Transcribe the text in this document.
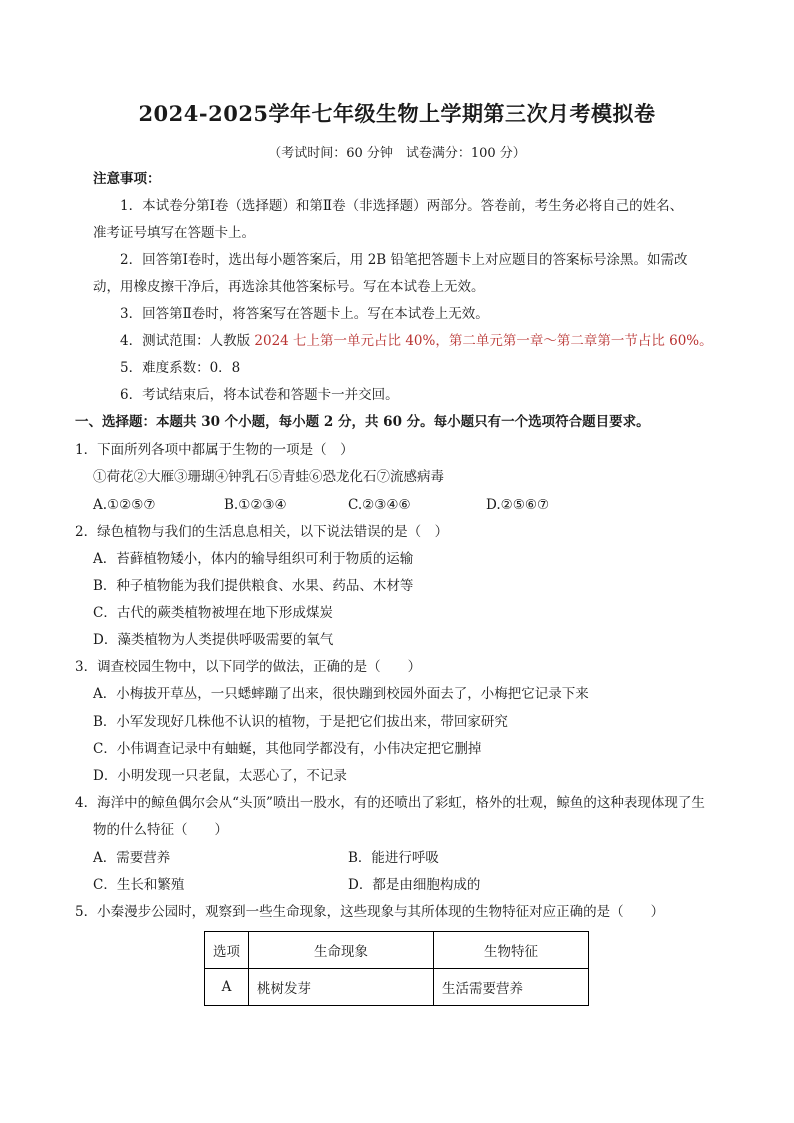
2024-2025学年七年级生物上学期第三次月考模拟卷
（考试时间：60 分钟　试卷满分：100 分）
注意事项：
1．本试卷分第Ⅰ卷（选择题）和第Ⅱ卷（非选择题）两部分。答卷前，考生务必将自己的姓名、
准考证号填写在答题卡上。
2．回答第Ⅰ卷时，选出每小题答案后，用 2B 铅笔把答题卡上对应题目的答案标号涂黑。如需改
动，用橡皮擦干净后，再选涂其他答案标号。写在本试卷上无效。
3．回答第Ⅱ卷时，将答案写在答题卡上。写在本试卷上无效。
4．测试范围：人教版 2024 七上第一单元占比 40%，第二单元第一章～第二章第一节占比 60%。
5．难度系数：0．8
6．考试结束后，将本试卷和答题卡一并交回。
一、选择题：本题共 30 个小题，每小题 2 分，共 60 分。每小题只有一个选项符合题目要求。
1．下面所列各项中都属于生物的一项是（　）
①荷花②大雁③珊瑚④钟乳石⑤青蛙⑥恐龙化石⑦流感病毒
A.①②⑤⑦	B.①②③④	C.②③④⑥	D.②⑤⑥⑦
2．绿色植物与我们的生活息息相关，以下说法错误的是（　）
A．苔藓植物矮小，体内的输导组织可利于物质的运输
B．种子植物能为我们提供粮食、水果、药品、木材等
C．古代的蕨类植物被埋在地下形成煤炭
D．藻类植物为人类提供呼吸需要的氧气
3．调查校园生物中，以下同学的做法，正确的是（　　）
A．小梅拔开草丛，一只蟋蟀蹦了出来，很快蹦到校园外面去了，小梅把它记录下来
B．小军发现好几株他不认识的植物，于是把它们拔出来，带回家研究
C．小伟调查记录中有蚰蜒，其他同学都没有，小伟决定把它删掉
D．小明发现一只老鼠，太恶心了，不记录
4．海洋中的鲸鱼偶尔会从“头顶”喷出一股水，有的还喷出了彩虹，格外的壮观，鲸鱼的这种表现体现了生
物的什么特征（　　）
A．需要营养	B．能进行呼吸
C．生长和繁殖	D．都是由细胞构成的
5．小秦漫步公园时，观察到一些生命现象，这些现象与其所体现的生物特征对应正确的是（　　）
选项	生命现象	生物特征
A	桃树发芽	生活需要营养
